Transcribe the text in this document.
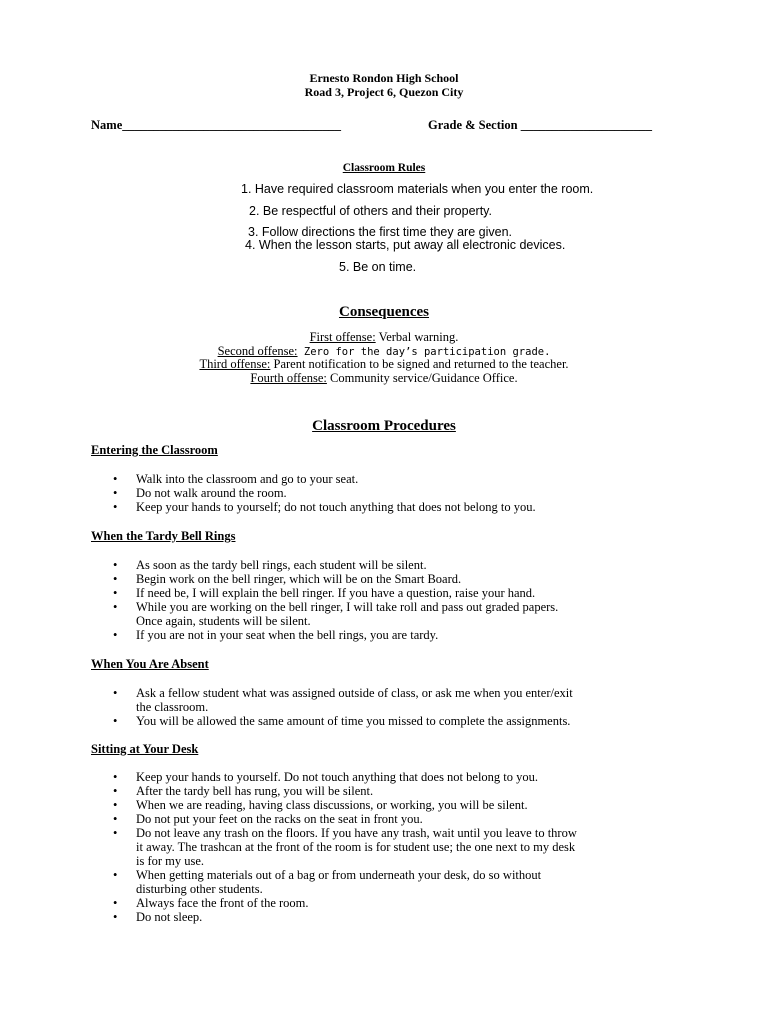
Ernesto Rondon High School
Road 3, Project 6, Quezon City
Name___________________________________	Grade & Section _____________________
Classroom Rules
1. Have required classroom materials when you enter the room.
2. Be respectful of others and their property.
3. Follow directions the first time they are given.
4. When the lesson starts, put away all electronic devices.
5. Be on time.
Consequences
First offense: Verbal warning.
Second offense: Zero for the day’s participation grade.
Third offense: Parent notification to be signed and returned to the teacher.
Fourth offense: Community service/Guidance Office.
Classroom Procedures
Entering the Classroom
• Walk into the classroom and go to your seat.
• Do not walk around the room.
• Keep your hands to yourself; do not touch anything that does not belong to you.
When the Tardy Bell Rings
• As soon as the tardy bell rings, each student will be silent.
• Begin work on the bell ringer, which will be on the Smart Board.
• If need be, I will explain the bell ringer. If you have a question, raise your hand.
• While you are working on the bell ringer, I will take roll and pass out graded papers.
Once again, students will be silent.
• If you are not in your seat when the bell rings, you are tardy.
When You Are Absent
• Ask a fellow student what was assigned outside of class, or ask me when you enter/exit
the classroom.
• You will be allowed the same amount of time you missed to complete the assignments.
Sitting at Your Desk
• Keep your hands to yourself. Do not touch anything that does not belong to you.
• After the tardy bell has rung, you will be silent.
• When we are reading, having class discussions, or working, you will be silent.
• Do not put your feet on the racks on the seat in front you.
• Do not leave any trash on the floors. If you have any trash, wait until you leave to throw
it away. The trashcan at the front of the room is for student use; the one next to my desk
is for my use.
• When getting materials out of a bag or from underneath your desk, do so without
disturbing other students.
• Always face the front of the room.
• Do not sleep.
